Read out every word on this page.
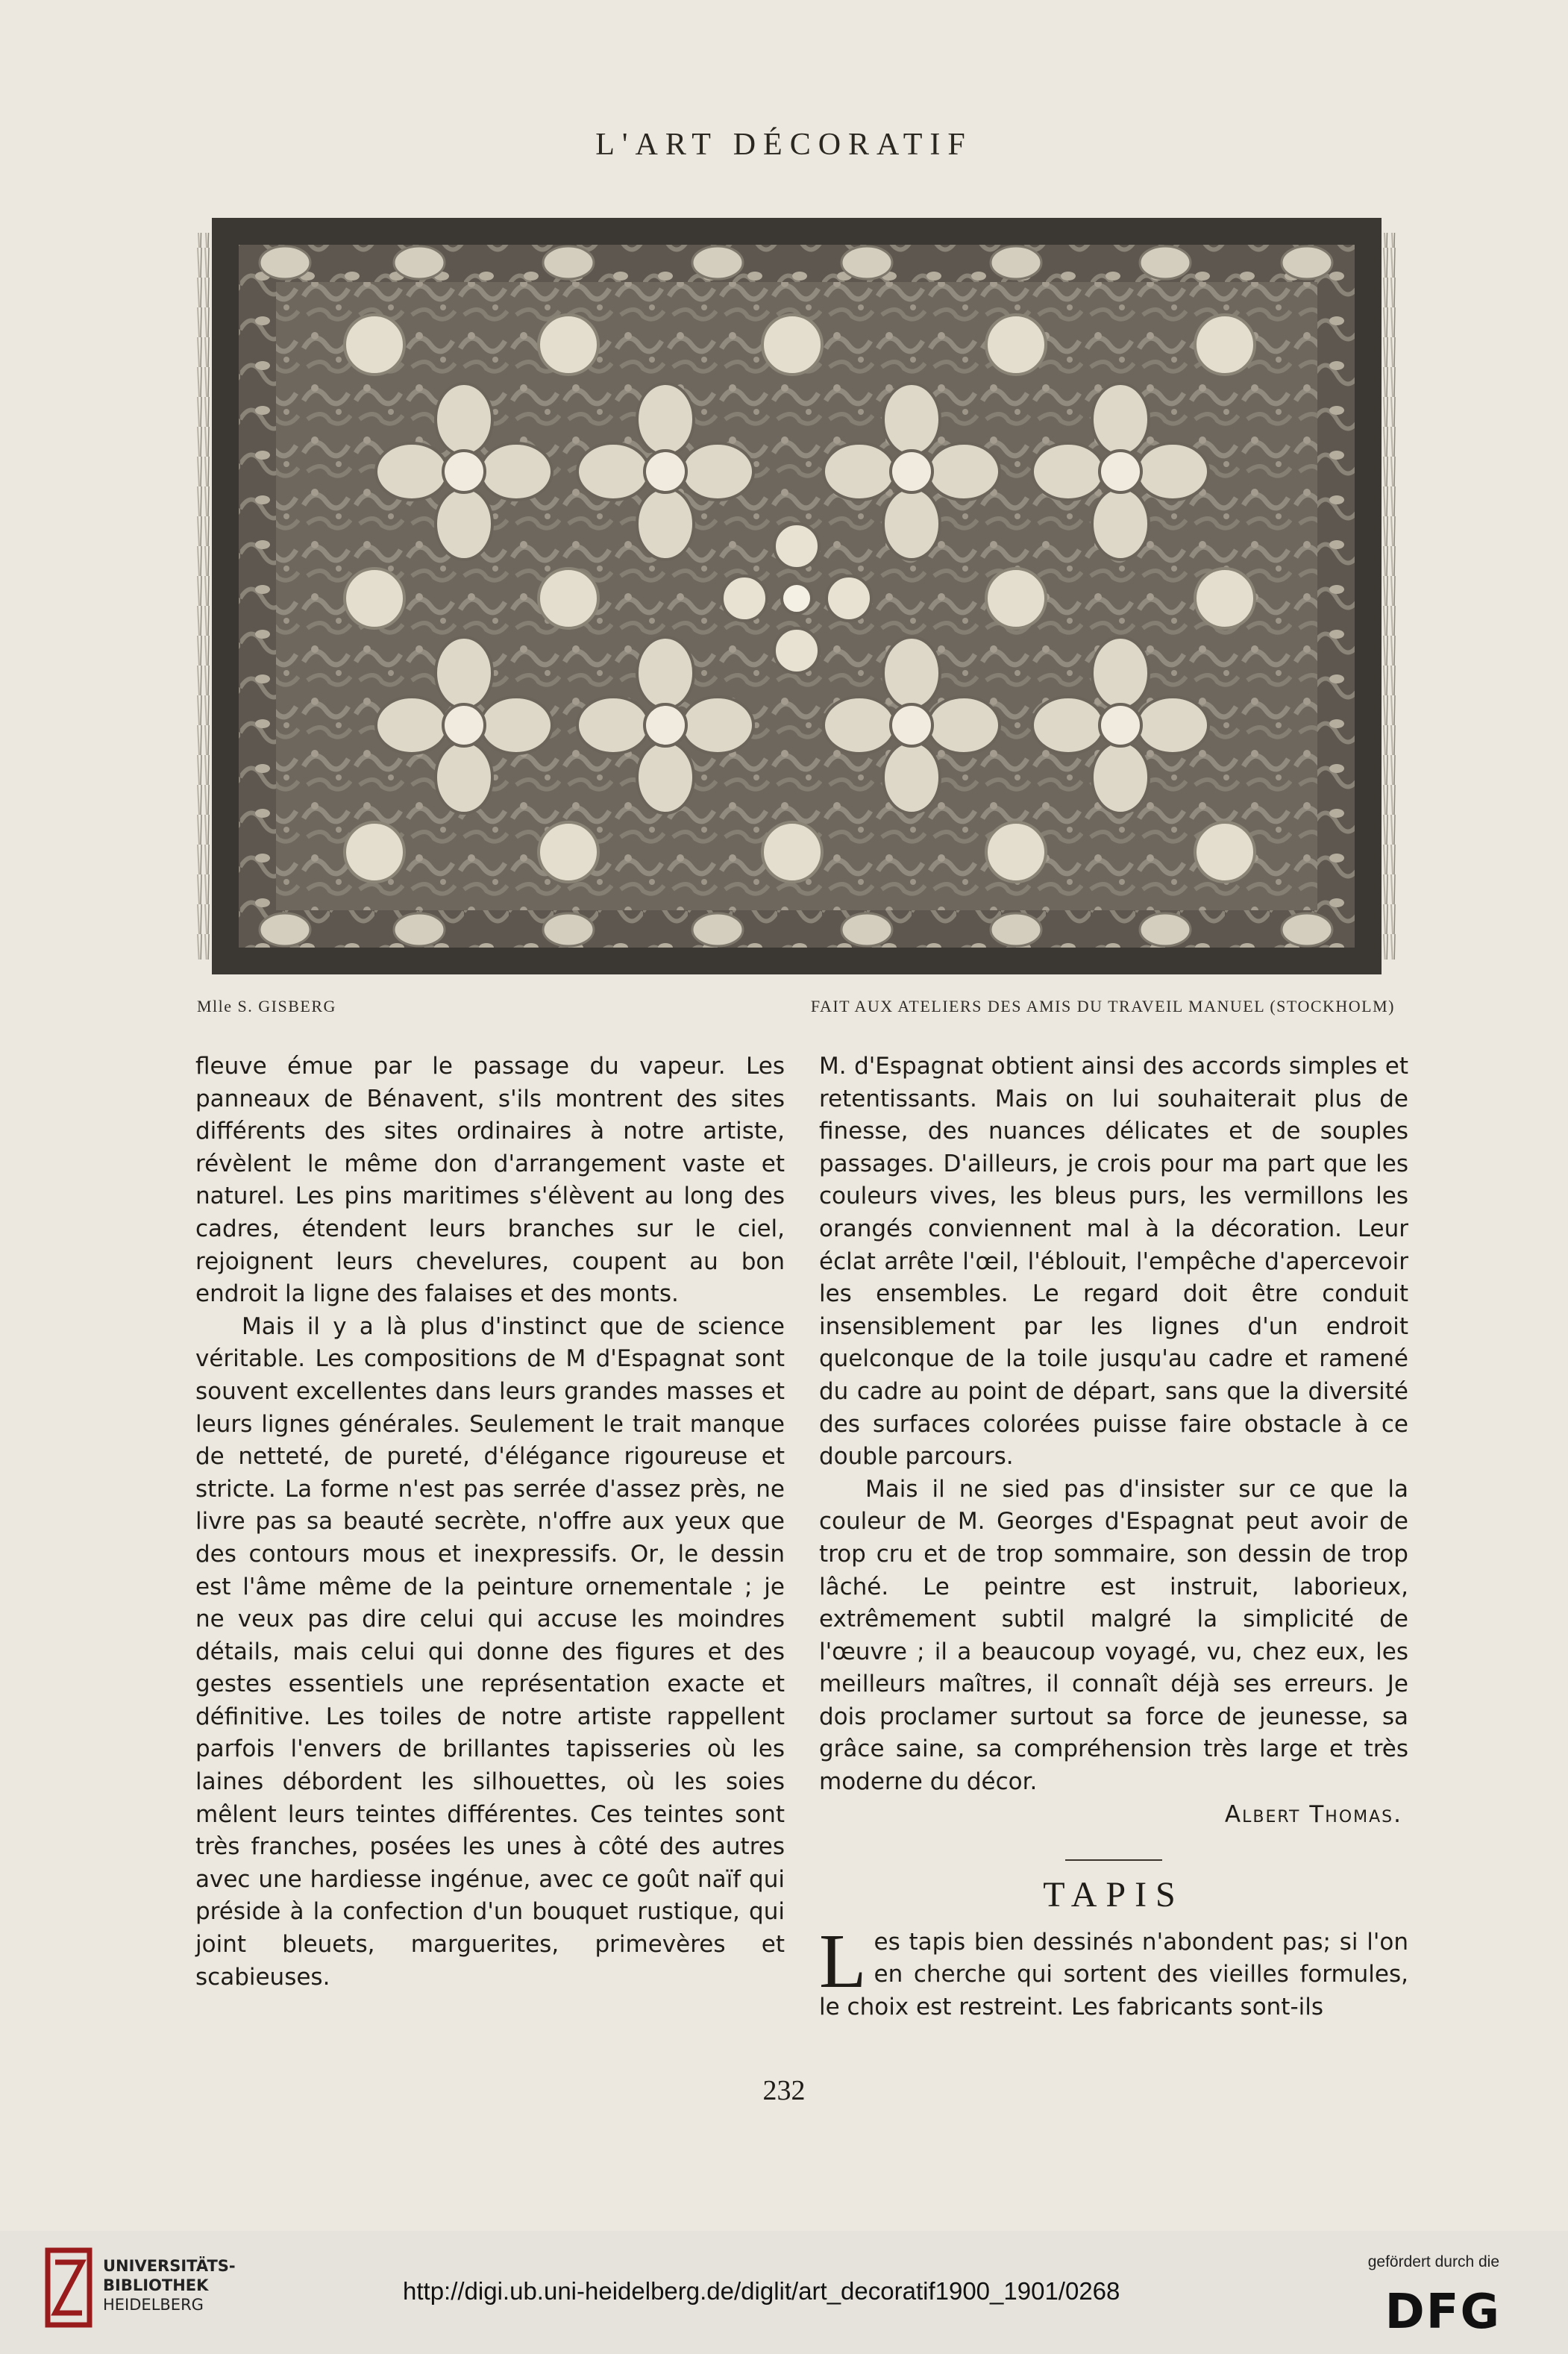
L'ART DÉCORATIF
Mlle S. GISBERG	FAIT AUX ATELIERS DES AMIS DU TRAVEIL MANUEL (STOCKHOLM)

fleuve émue par le passage du vapeur. Les panneaux de Bénavent, s'ils montrent des sites différents des sites ordinaires à notre artiste, révèlent le même don d'arrangement vaste et naturel. Les pins maritimes s'élèvent au long des cadres, étendent leurs branches sur le ciel, rejoignent leurs chevelures, coupent au bon endroit la ligne des falaises et des monts.

Mais il y a là plus d'instinct que de science véritable. Les compositions de M d'Espagnat sont souvent excellentes dans leurs grandes masses et leurs lignes générales. Seulement le trait manque de netteté, de pureté, d'élégance rigoureuse et stricte. La forme n'est pas serrée d'assez près, ne livre pas sa beauté secrète, n'offre aux yeux que des contours mous et inexpressifs. Or, le dessin est l'âme même de la peinture ornementale ; je ne veux pas dire celui qui accuse les moindres détails, mais celui qui donne des figures et des gestes essentiels une représentation exacte et définitive. Les toiles de notre artiste rappellent parfois l'envers de brillantes tapisseries où les laines débordent les silhouettes, où les soies mêlent leurs teintes différentes. Ces teintes sont très franches, posées les unes à côté des autres avec une hardiesse ingénue, avec ce goût naïf qui préside à la confection d'un bouquet rustique, qui joint bleuets, marguerites, primevères et scabieuses.

M. d'Espagnat obtient ainsi des accords simples et retentissants. Mais on lui souhaiterait plus de finesse, des nuances délicates et de souples passages. D'ailleurs, je crois pour ma part que les couleurs vives, les bleus purs, les vermillons les orangés conviennent mal à la décoration. Leur éclat arrête l'œil, l'éblouit, l'empêche d'apercevoir les ensembles. Le regard doit être conduit insensiblement par les lignes d'un endroit quelconque de la toile jusqu'au cadre et ramené du cadre au point de départ, sans que la diversité des surfaces colorées puisse faire obstacle à ce double parcours.

Mais il ne sied pas d'insister sur ce que la couleur de M. Georges d'Espagnat peut avoir de trop cru et de trop sommaire, son dessin de trop lâché. Le peintre est instruit, laborieux, extrêmement subtil malgré la simplicité de l'œuvre ; il a beaucoup voyagé, vu, chez eux, les meilleurs maîtres, il connaît déjà ses erreurs. Je dois proclamer surtout sa force de jeunesse, sa grâce saine, sa compréhension très large et très moderne du décor.

Albert Thomas.

TAPIS

Les tapis bien dessinés n'abondent pas; si l'on en cherche qui sortent des vieilles formules, le choix est restreint. Les fabricants sont-ils

232
UNIVERSITÄTS-
BIBLIOTHEK
HEIDELBERG	http://digi.ub.uni-heidelberg.de/diglit/art_decoratif1900_1901/0268
gefördert durch die
DFG
